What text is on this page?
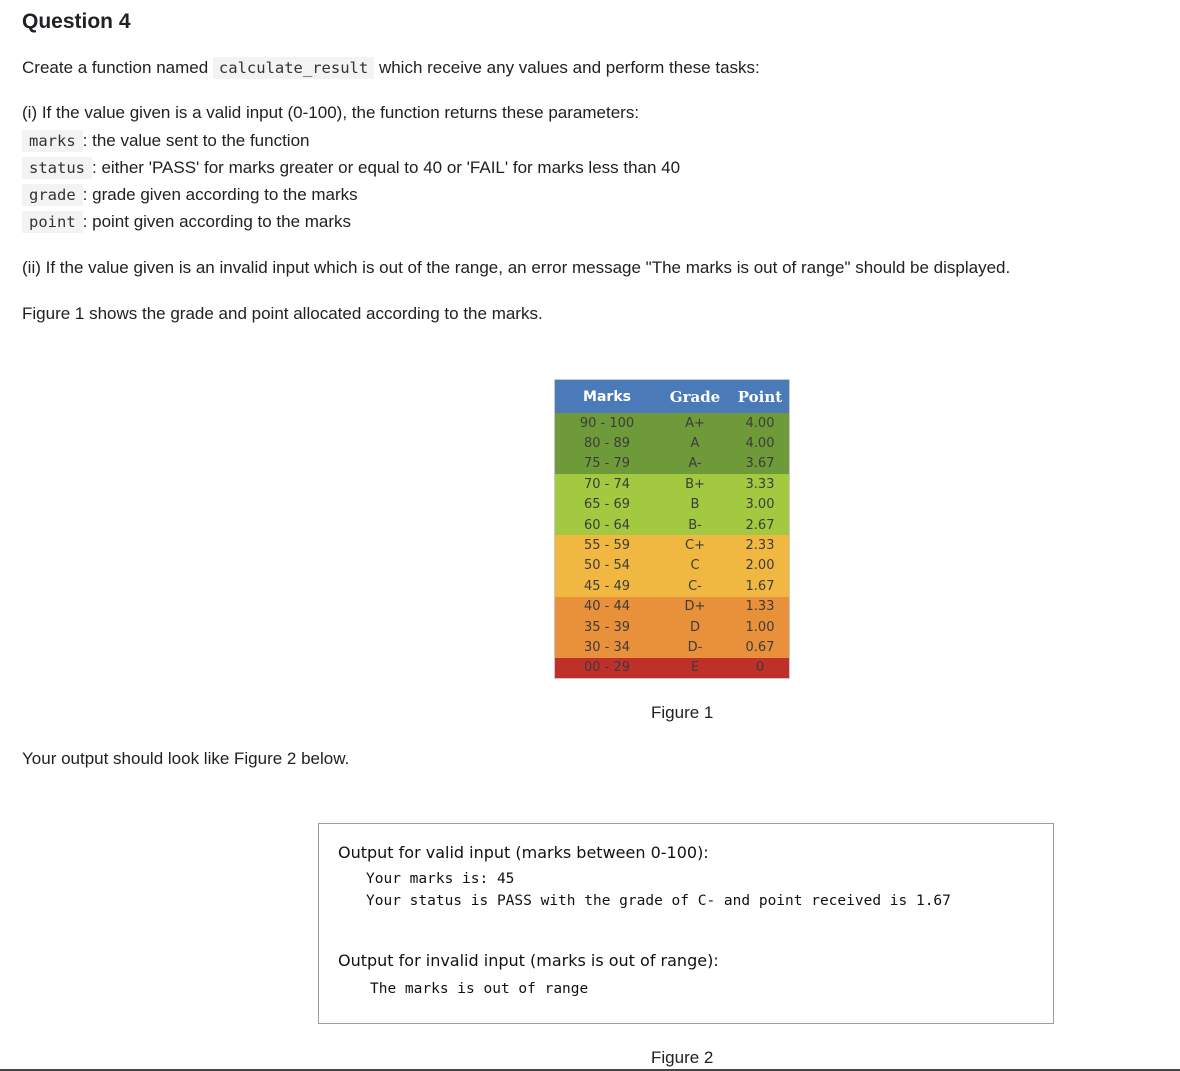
Question 4
Create a function named calculate_result which receive any values and perform these tasks:
(i) If the value given is a valid input (0-100), the function returns these parameters:
marks : the value sent to the function
status : either 'PASS' for marks greater or equal to 40 or 'FAIL' for marks less than 40
grade : grade given according to the marks
point : point given according to the marks
(ii) If the value given is an invalid input which is out of the range, an error message "The marks is out of range" should be displayed.
Figure 1 shows the grade and point allocated according to the marks.
Marks	Grade	Point
90 - 100	A+	4.00
80 - 89	A	4.00
75 - 79	A-	3.67
70 - 74	B+	3.33
65 - 69	B	3.00
60 - 64	B-	2.67
55 - 59	C+	2.33
50 - 54	C	2.00
45 - 49	C-	1.67
40 - 44	D+	1.33
35 - 39	D	1.00
30 - 34	D-	0.67
00 - 29	E	0
Figure 1
Your output should look like Figure 2 below.
Output for valid input (marks between 0-100):
Your marks is: 45
Your status is PASS with the grade of C- and point received is 1.67
Output for invalid input (marks is out of range):
The marks is out of range
Figure 2
